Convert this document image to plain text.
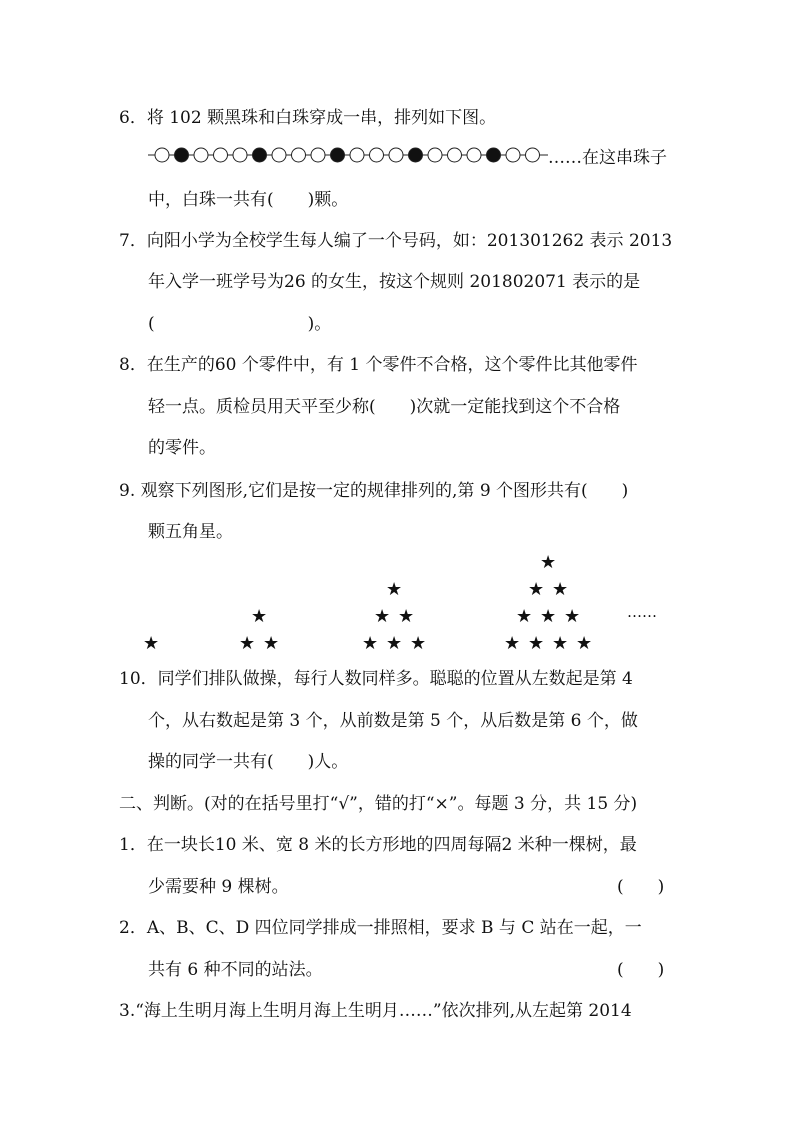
6．将 102 颗黑珠和白珠穿成一串，排列如下图。
……在这串珠子
中，白珠一共有(　　)颗。
7．向阳小学为全校学生每人编了一个号码，如：201301262 表示 2013
年入学一班学号为26 的女生，按这个规则 201802071 表示的是
(　　　　　　　　　)。
8．在生产的60 个零件中，有 1 个零件不合格，这个零件比其他零件
轻一点。质检员用天平至少称(　　)次就一定能找到这个不合格
的零件。
9. 观察下列图形,它们是按一定的规律排列的,第 9 个图形共有(　　)
颗五角星。
★
★
★ ★
★
★ ★
★ ★ ★
★
★ ★
★ ★ ★
★ ★ ★ ★
……
10．同学们排队做操，每行人数同样多。聪聪的位置从左数起是第 4
个，从右数起是第 3 个，从前数是第 5 个，从后数是第 6 个，做
操的同学一共有(　　)人。
二、判断。(对的在括号里打“√”，错的打“×”。每题 3 分，共 15 分)
1．在一块长10 米、宽 8 米的长方形地的四周每隔2 米种一棵树，最
少需要种 9 棵树。	(　　)
2．A、B、C、D 四位同学排成一排照相，要求 B 与 C 站在一起，一
共有 6 种不同的站法。	(　　)
3.“海上生明月海上生明月海上生明月……”依次排列,从左起第 2014
